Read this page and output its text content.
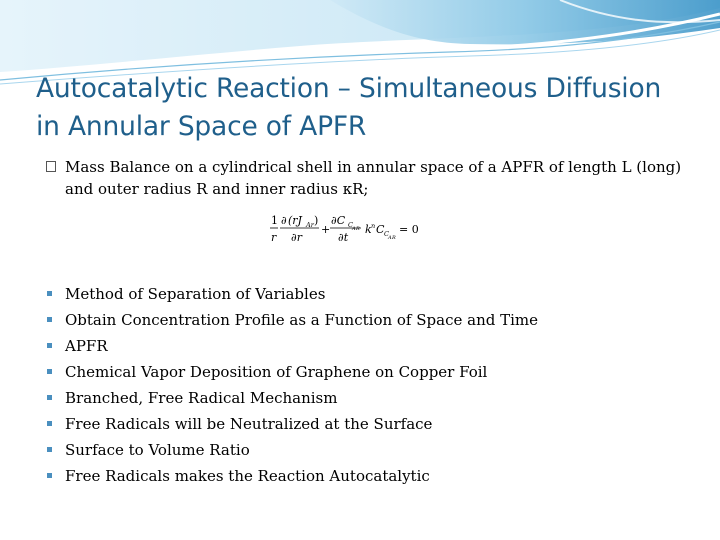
Autocatalytic Reaction – Simultaneous Diffusion
in Annular Space of APFR
Mass Balance on a cylindrical shell in annular space of a APFR of length L (long) and outer radius R and inner radius κR;
1
r
∂ (rJ Ar )
∂r
+
∂C C A R
∂t
k n C C A R
= 0
Method of Separation of Variables
Obtain Concentration Profile as a Function of Space and Time
APFR
Chemical Vapor Deposition of Graphene on Copper Foil
Branched, Free Radical Mechanism
Free Radicals will be Neutralized at the Surface
Surface to Volume Ratio
Free Radicals makes the Reaction Autocatalytic
